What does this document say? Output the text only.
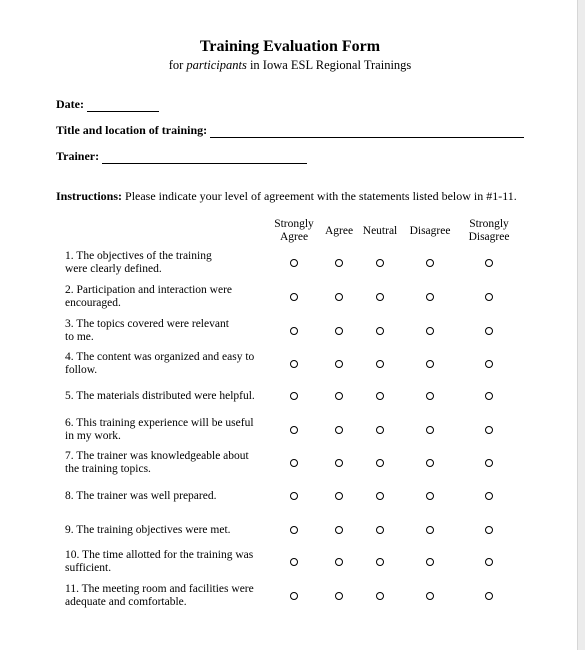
Training Evaluation Form
for participants in Iowa ESL Regional Trainings
Date:
Title and location of training:
Trainer:
Instructions: Please indicate your level of agreement with the statements listed below in #1-11.
Strongly
Agree	Agree Neutral Disagree
Strongly
Disagree
1. The objectives of the training
were clearly defined.
2. Participation and interaction were
encouraged.
3. The topics covered were relevant
to me.
4. The content was organized and easy to
follow.
5. The materials distributed were helpful.
6. This training experience will be useful
in my work.
7. The trainer was knowledgeable about
the training topics.
8. The trainer was well prepared.
9. The training objectives were met.
10. The time allotted for the training was
sufficient.
11. The meeting room and facilities were
adequate and comfortable.
